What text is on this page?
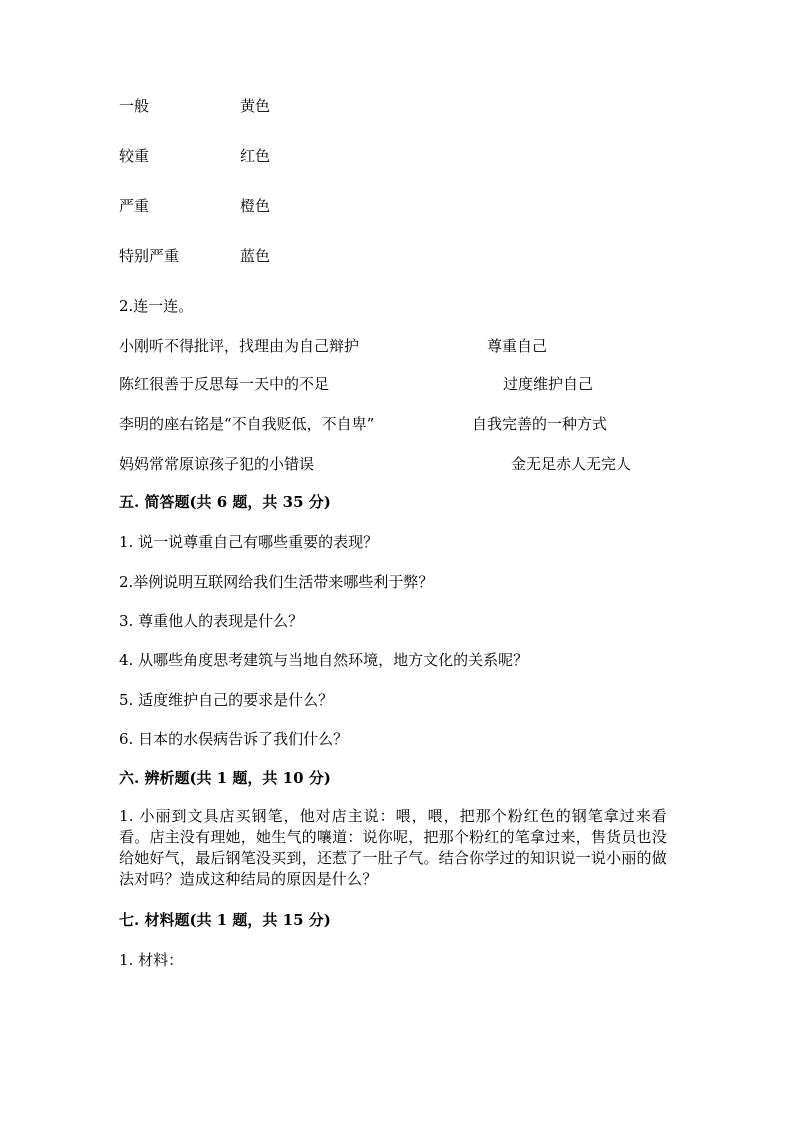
一般	黄色
较重	红色
严重	橙色
特别严重	蓝色
2.连一连。
小刚听不得批评，找理由为自己辩护	尊重自己
陈红很善于反思每一天中的不足	过度维护自己
李明的座右铭是“不自我贬低，不自卑”	自我完善的一种方式
妈妈常常原谅孩子犯的小错误	金无足赤人无完人
五. 简答题(共 6 题，共 35 分)
1. 说一说尊重自己有哪些重要的表现？
2.举例说明互联网给我们生活带来哪些利于弊？
3. 尊重他人的表现是什么？
4. 从哪些角度思考建筑与当地自然环境，地方文化的关系呢？
5. 适度维护自己的要求是什么？
6. 日本的水俣病告诉了我们什么？
六. 辨析题(共 1 题，共 10 分)
1. 小丽到文具店买钢笔，他对店主说：喂，喂，把那个粉红色的钢笔拿过来看看。店主没有理她，她生气的嚷道：说你呢，把那个粉红的笔拿过来，售货员也没给她好气，最后钢笔没买到，还惹了一肚子气。结合你学过的知识说一说小丽的做法对吗？造成这种结局的原因是什么？
七. 材料题(共 1 题，共 15 分)
1. 材料：
